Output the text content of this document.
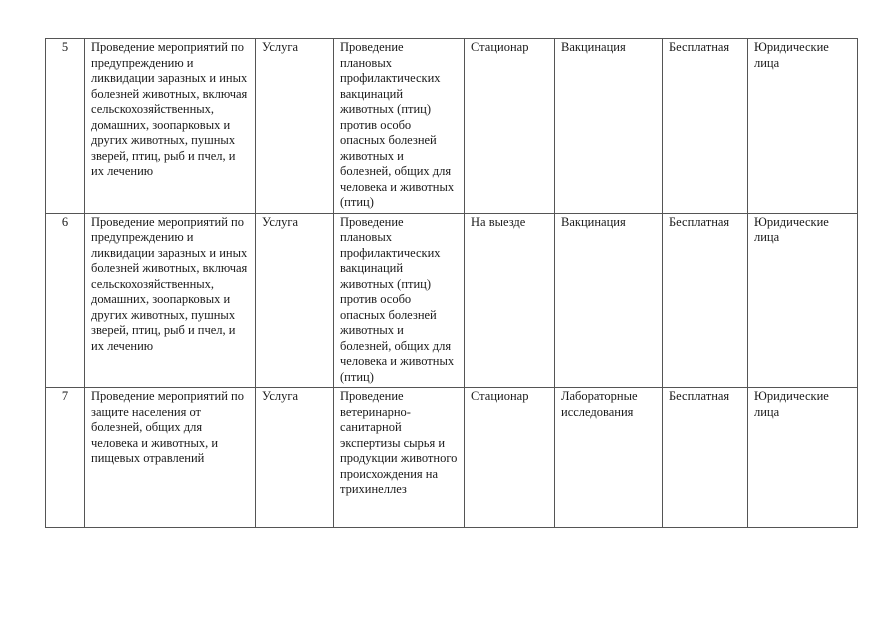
5	Проведение мероприятий по предупреждению и ликвидации заразных и иных болезней животных, включая сельскохозяйственных, домашних, зоопарковых и других животных, пушных зверей, птиц, рыб и пчел, и их лечению	Услуга	Проведение плановых профилактических вакцинаций животных (птиц) против особо опасных болезней животных и болезней, общих для человека и животных (птиц)	Стационар	Вакцинация	Бесплатная	Юридические лица
6	Проведение мероприятий по предупреждению и ликвидации заразных и иных болезней животных, включая сельскохозяйственных, домашних, зоопарковых и других животных, пушных зверей, птиц, рыб и пчел, и их лечению	Услуга	Проведение плановых профилактических вакцинаций животных (птиц) против особо опасных болезней животных и болезней, общих для человека и животных (птиц)	На выезде	Вакцинация	Бесплатная	Юридические лица
7	Проведение мероприятий по защите населения от болезней, общих для человека и животных, и пищевых отравлений	Услуга	Проведение ветеринарно-санитарной экспертизы сырья и продукции животного происхождения на трихинеллез	Стационар	Лабораторные исследования	Бесплатная	Юридические лица
